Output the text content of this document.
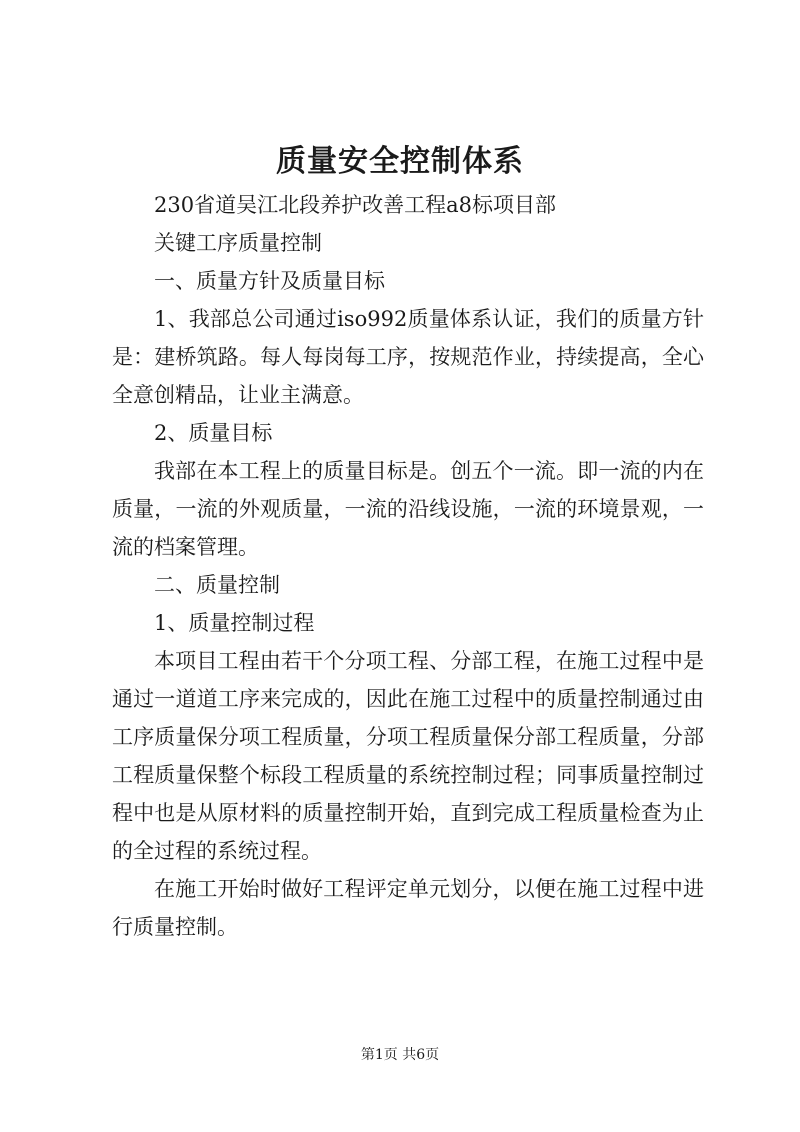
质量安全控制体系

230省道吴江北段养护改善工程a8标项目部

关键工序质量控制

一、质量方针及质量目标

1、我部总公司通过iso992质量体系认证，我们的质量方针是：建桥筑路。每人每岗每工序，按规范作业，持续提高，全心全意创精品，让业主满意。

2、质量目标

我部在本工程上的质量目标是。创五个一流。即一流的内在质量，一流的外观质量，一流的沿线设施，一流的环境景观，一流的档案管理。

二、质量控制

1、质量控制过程

本项目工程由若干个分项工程、分部工程，在施工过程中是通过一道道工序来完成的，因此在施工过程中的质量控制通过由工序质量保分项工程质量，分项工程质量保分部工程质量，分部工程质量保整个标段工程质量的系统控制过程；同事质量控制过程中也是从原材料的质量控制开始，直到完成工程质量检查为止的全过程的系统过程。

在施工开始时做好工程评定单元划分，以便在施工过程中进行质量控制。

第1页 共6页
